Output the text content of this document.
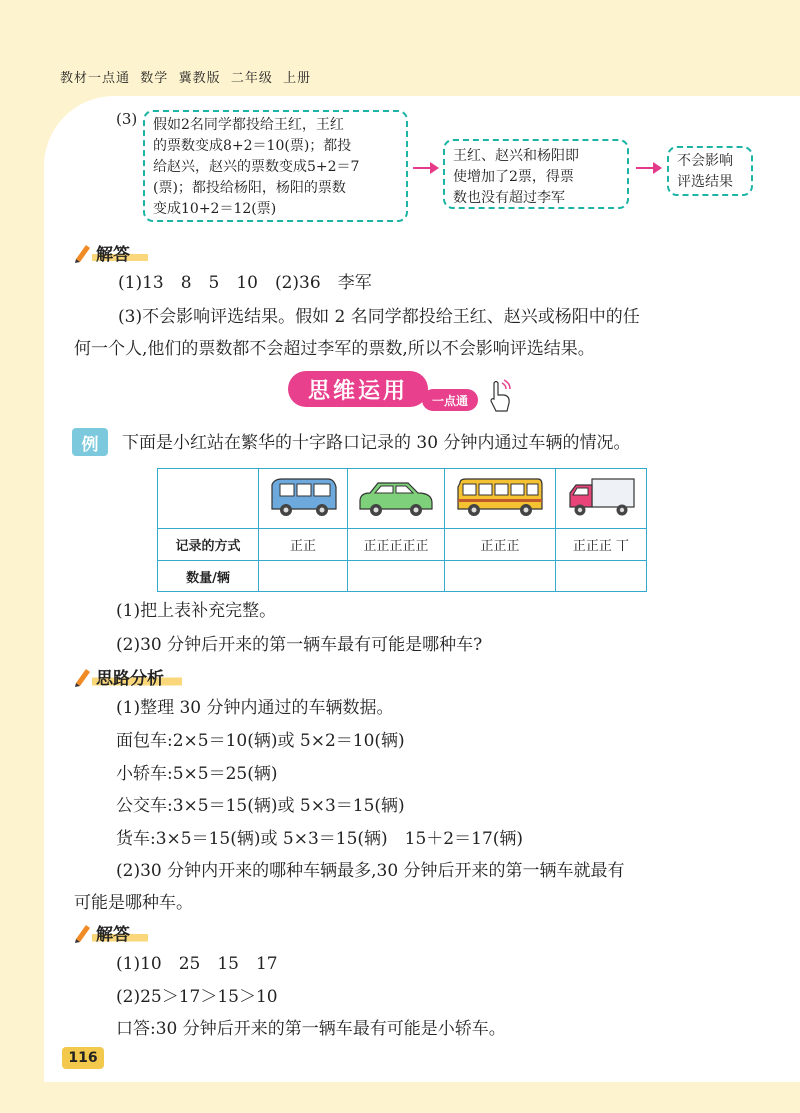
教材一点通 数学 冀教版 二年级 上册
(3) 假如2名同学都投给王红，王红
的票数变成8+2＝10(票)；都投
给赵兴，赵兴的票数变成5+2＝7
(票)；都投给杨阳，杨阳的票数
变成10+2＝12(票)
王红、赵兴和杨阳即
使增加了2票，得票
数也没有超过李军
不会影响
评选结果
解答
(1)13　8　5　10　(2)36　李军
(3)不会影响评选结果。假如 2 名同学都投给王红、赵兴或杨阳中的任
何一个人,他们的票数都不会超过李军的票数,所以不会影响评选结果。
思维运用	一点通
例	下面是小红站在繁华的十字路口记录的 30 分钟内通过车辆的情况。

记录的方式	正正	正正正正正	正正正	正正正 丅
数量/辆				
(1)把上表补充完整。
(2)30 分钟后开来的第一辆车最有可能是哪种车?
思路分析
(1)整理 30 分钟内通过的车辆数据。
面包车:2×5＝10(辆)或 5×2＝10(辆)
小轿车:5×5＝25(辆)
公交车:3×5＝15(辆)或 5×3＝15(辆)
货车:3×5＝15(辆)或 5×3＝15(辆)　15＋2＝17(辆)
(2)30 分钟内开来的哪种车辆最多,30 分钟后开来的第一辆车就最有
可能是哪种车。
解答
(1)10　25　15　17
(2)25＞17＞15＞10
口答:30 分钟后开来的第一辆车最有可能是小轿车。
116
